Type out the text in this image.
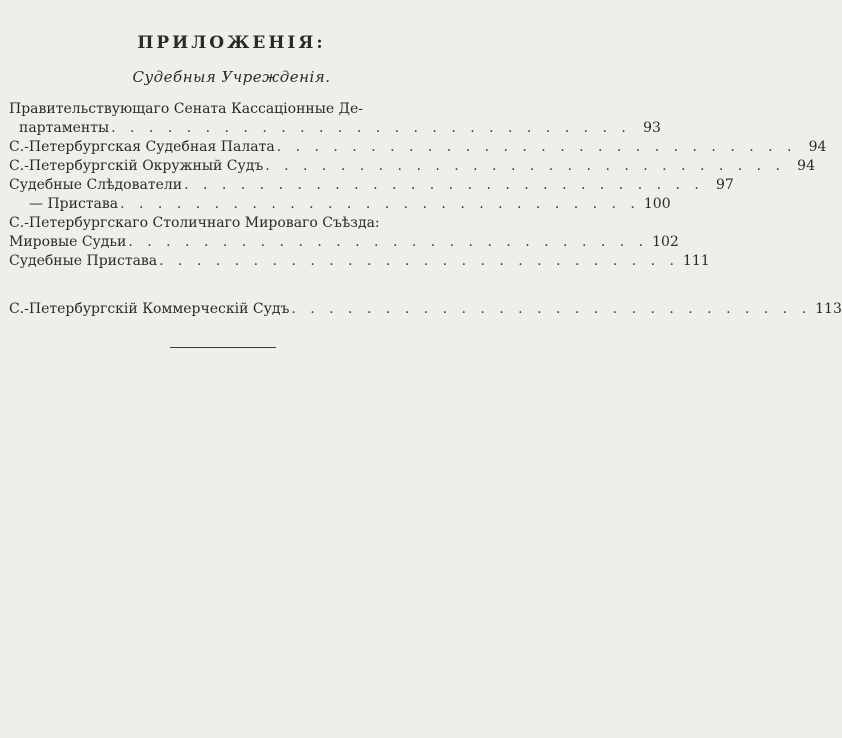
ПРИЛОЖЕНІЯ:
Судебныя Учрежденія.
Правительствующаго Сената Кассаціонные Де-
партаменты . . . . . . . . . . . . . . . . . . . . . . . . . . . . 93
С.-Петербургская Судебная Палата . . . . . . . . . . . . . . . . . . . . . . . . . . . . 94
С.-Петербургскій Окружный Судъ . . . . . . . . . . . . . . . . . . . . . . . . . . . . 94
Судебные Слѣдователи . . . . . . . . . . . . . . . . . . . . . . . . . . . . 97
— Пристава . . . . . . . . . . . . . . . . . . . . . . . . . . . . 100
С.-Петербургскаго Столичнаго Мироваго Съѣзда:
Мировые Судьи . . . . . . . . . . . . . . . . . . . . . . . . . . . . 102
Судебные Пристава . . . . . . . . . . . . . . . . . . . . . . . . . . . . 111
С.-Петербургскій Коммерческій Судъ . . . . . . . . . . . . . . . . . . . . . . . . . . . . 113
